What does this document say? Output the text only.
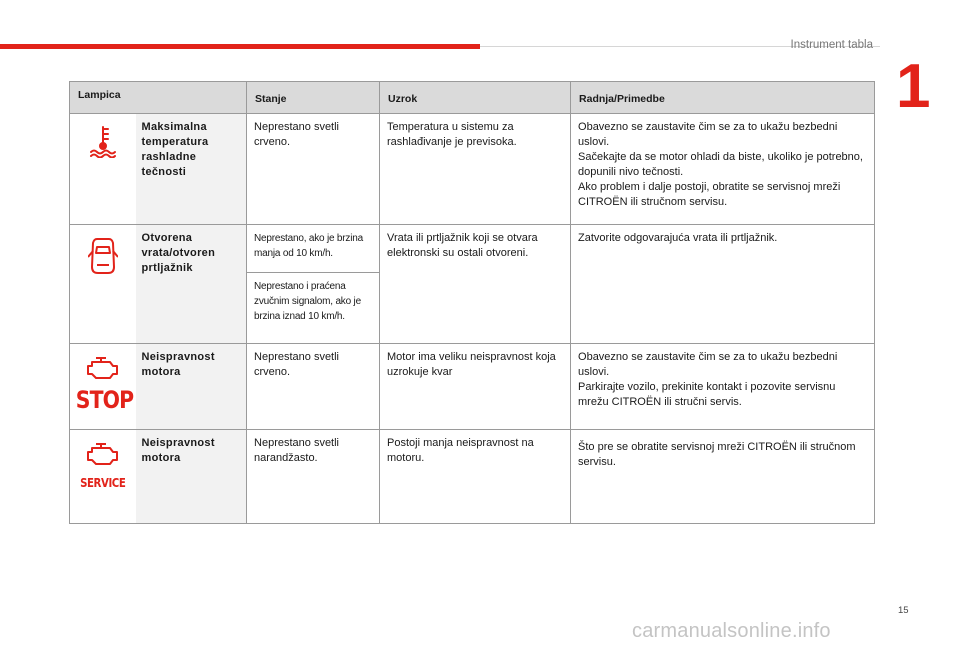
Instrument tabla
1
Lampica		Stanje	Uzrok	Radnja/Primedbe

	Maksimalna temperatura rashladne tečnosti	Neprestano svetli crveno.	Temperatura u sistemu za rashlađivanje je previsoka.	Obavezno se zaustavite čim se za to ukažu bezbedni uslovi.
Sačekajte da se motor ohladi da biste, ukoliko je potrebno, dopunili nivo tečnosti.
Ako problem i dalje postoji, obratite se servisnoj mreži CITROËN ili stručnom servisu.

	Otvorena vrata/otvoren prtljažnik	Neprestano, ako je brzina manja od 10 km/h.	Vrata ili prtljažnik koji se otvara elektronski su ostali otvoreni.	Zatvorite odgovarajuća vrata ili prtljažnik.
		Neprestano i praćena zvučnim signalom, ako je brzina iznad 10 km/h.		

STOP	Neispravnost motora	Neprestano svetli crveno.	Motor ima veliku neispravnost koja uzrokuje kvar	Obavezno se zaustavite čim se za to ukažu bezbedni uslovi.
Parkirajte vozilo, prekinite kontakt i pozovite servisnu mrežu CITROËN ili stručni servis.

SERVICE	Neispravnost motora	Neprestano svetli narandžasto.	Postoji manja neispravnost na motoru.	Što pre se obratite servisnoj mreži CITROËN ili stručnom servisu.
15
carmanualsonline.info
